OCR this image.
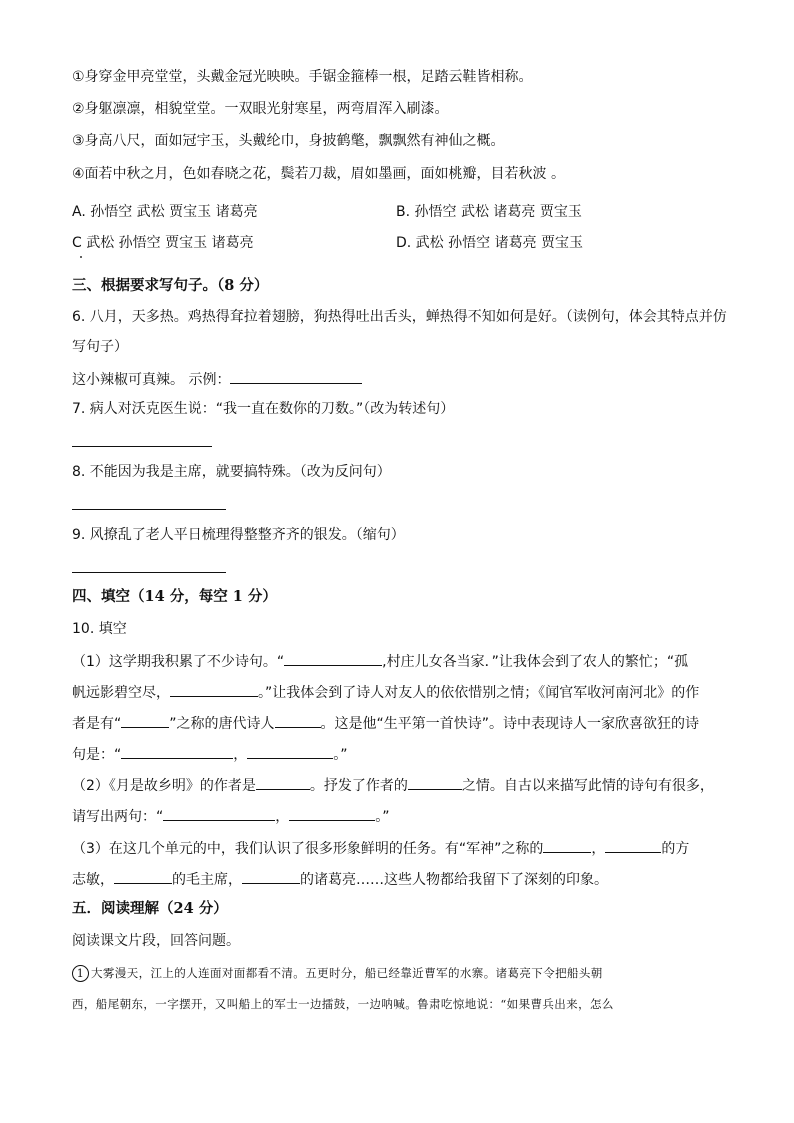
①身穿金甲亮堂堂，头戴金冠光映映。手锯金箍棒一根，足踏云鞋皆相称。
②身躯凛凛，相貌堂堂。一双眼光射寒星，两弯眉浑入刷漆。
③身高八尺，面如冠宇玉，头戴纶巾，身披鹤氅，飘飘然有神仙之概。
④面若中秋之月，色如春晓之花，鬓若刀裁，眉如墨画，面如桃瓣，目若秋波 。
A. 孙悟空 武松 贾宝玉 诸葛亮	B. 孙悟空 武松 诸葛亮 贾宝玉
C 武松 孙悟空 贾宝玉 诸葛亮	D. 武松 孙悟空 诸葛亮 贾宝玉
三、根据要求写句子。（8 分）
6. 八月，天多热。鸡热得耷拉着翅膀，狗热得吐出舌头，蝉热得不知如何是好。（读例句，体会其特点并仿
写句子）
这小辣椒可真辣。 示例：
7. 病人对沃克医生说：“我一直在数你的刀数。”（改为转述句）
8. 不能因为我是主席，就要搞特殊。（改为反问句）
9. 风撩乱了老人平日梳理得整整齐齐的银发。（缩句）
四、填空（14 分，每空 1 分）
10. 填空
（1）这学期我积累了不少诗句。“	,村庄儿女各当家．”让我体会到了农人的繁忙；“孤
帆远影碧空尽，	。”让我体会到了诗人对友人的依依惜别之情；《闻官军收河南河北》的作
者是有“	”之称的唐代诗人	。这是他“生平第一首快诗”。诗中表现诗人一家欣喜欲狂的诗
句是：“	，	。”
（2）《月是故乡明》的作者是	。抒发了作者的	之情。自古以来描写此情的诗句有很多，
请写出两句：“	，	。”
（3）在这几个单元的中，我们认识了很多形象鲜明的任务。有“军神”之称的	，	的方
志敏，	的毛主席，	的诸葛亮……这些人物都给我留下了深刻的印象。
五．阅读理解（24 分）
阅读课文片段，回答问题。
1 大雾漫天，江上的人连面对面都看不清。五更时分，船已经靠近曹军的水寨。诸葛亮下令把船头朝
西，船尾朝东，一字摆开，又叫船上的军士一边擂鼓，一边呐喊。鲁肃吃惊地说：“如果曹兵出来，怎么
